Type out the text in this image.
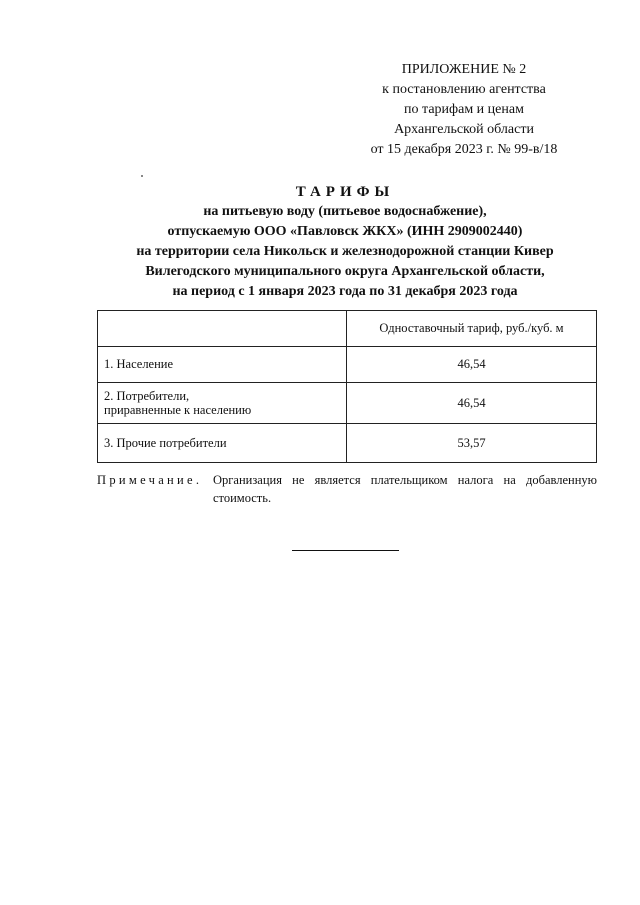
ПРИЛОЖЕНИЕ № 2
к постановлению агентства
по тарифам и ценам
Архангельской области
от 15 декабря 2023 г. № 99-в/18
ТАРИФЫ
на питьевую воду (питьевое водоснабжение),
отпускаемую ООО «Павловск ЖКХ» (ИНН 2909002440)
на территории села Никольск и железнодорожной станции Кивер
Вилегодского муниципального округа Архангельской области,
на период с 1 января 2023 года по 31 декабря 2023 года
	Одноставочный тариф, руб./куб. м
1. Население	46,54
2. Потребители,
приравненные к населению	46,54
3. Прочие потребители	53,57
Примечание. Организация не является плательщиком налога на добавленную стоимость.
